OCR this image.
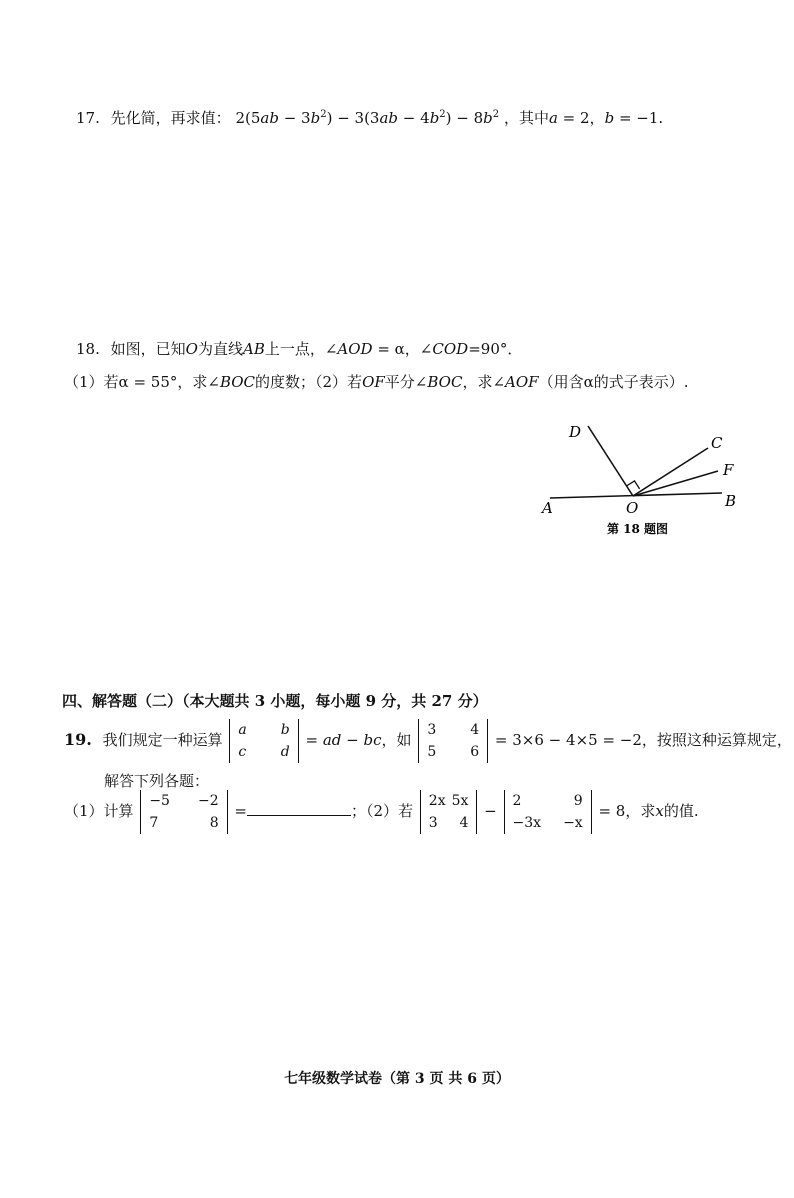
17. 先化简，再求值： $2(5ab - 3b^2) - 3(3ab - 4b^2) - 8b^2$ ，其中a = 2，b = −1.
18. 如图，已知O为直线AB上一点，∠AOD = α，∠COD=90°．
（1）若α = 55°，求∠BOC的度数；（2）若OF平分∠BOC，求∠AOF（用含α的式子表示）.
A	B
C
D
F
O
第 18 题图
四、解答题（二）（本大题共 3 小题，每小题 9 分，共 27 分）
19. 我们规定一种运算
a		b
c		d
= ad − bc，如
3		4
5		6
= 3×6 − 4×5 = −2，按照这种运算规定，
解答下列各题：
（1）计算
−5		−2
7		8
=	；（2）若
2x	5x
3	4
−
2		9
−3x		−x
= 8，求x的值.
七年级数学试卷（第 3 页 共 6 页）
